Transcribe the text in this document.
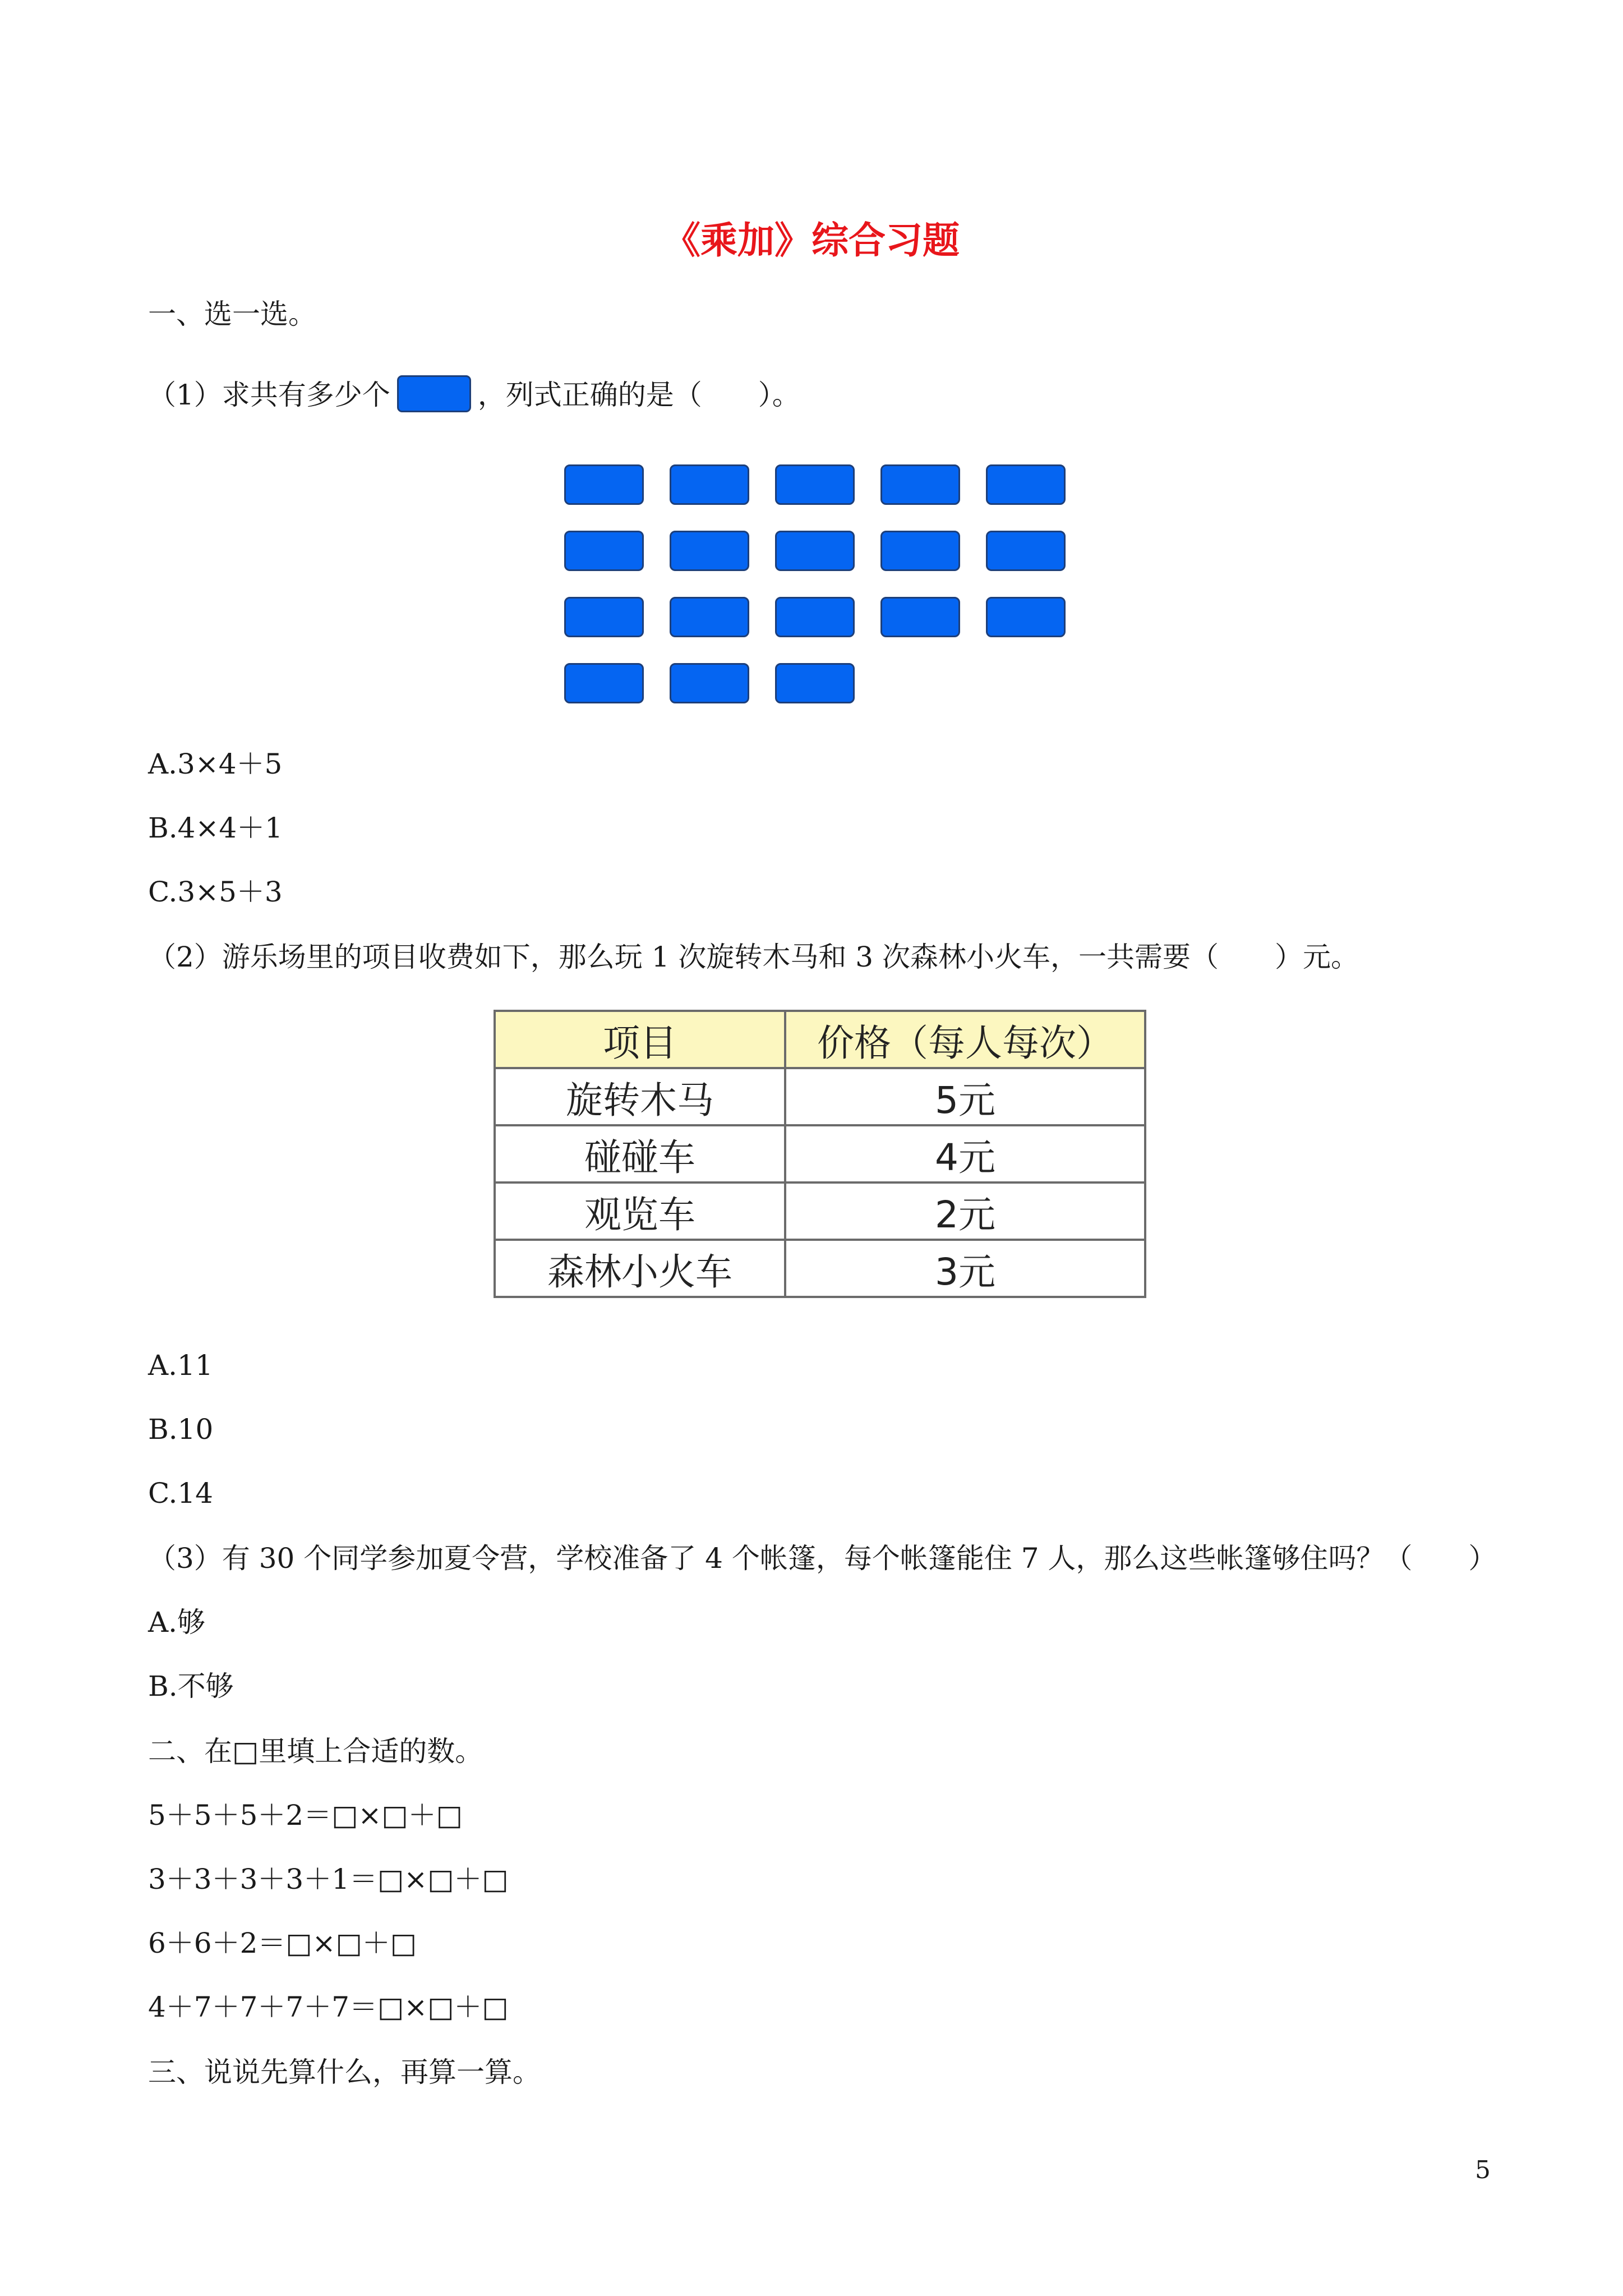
《乘加》综合习题
一、选一选。
（1）求共有多少个	，列式正确的是（　　）。
A.3×4＋5
B.4×4＋1
C.3×5＋3
（2）游乐场里的项目收费如下，那么玩 1 次旋转木马和 3 次森林小火车，一共需要（　　）元。
项目	价格（每人每次）
旋转木马	5元
碰碰车	4元
观览车	2元
森林小火车	3元
A.11
B.10
C.14
（3）有 30 个同学参加夏令营，学校准备了 4 个帐篷，每个帐篷能住 7 人，那么这些帐篷够住吗？（　　）
A.够
B.不够
二、在□里填上合适的数。
5＋5＋5＋2＝□×□＋□
3＋3＋3＋3＋1＝□×□＋□
6＋6＋2＝□×□＋□
4＋7＋7＋7＋7＝□×□＋□
三、说说先算什么，再算一算。
5
